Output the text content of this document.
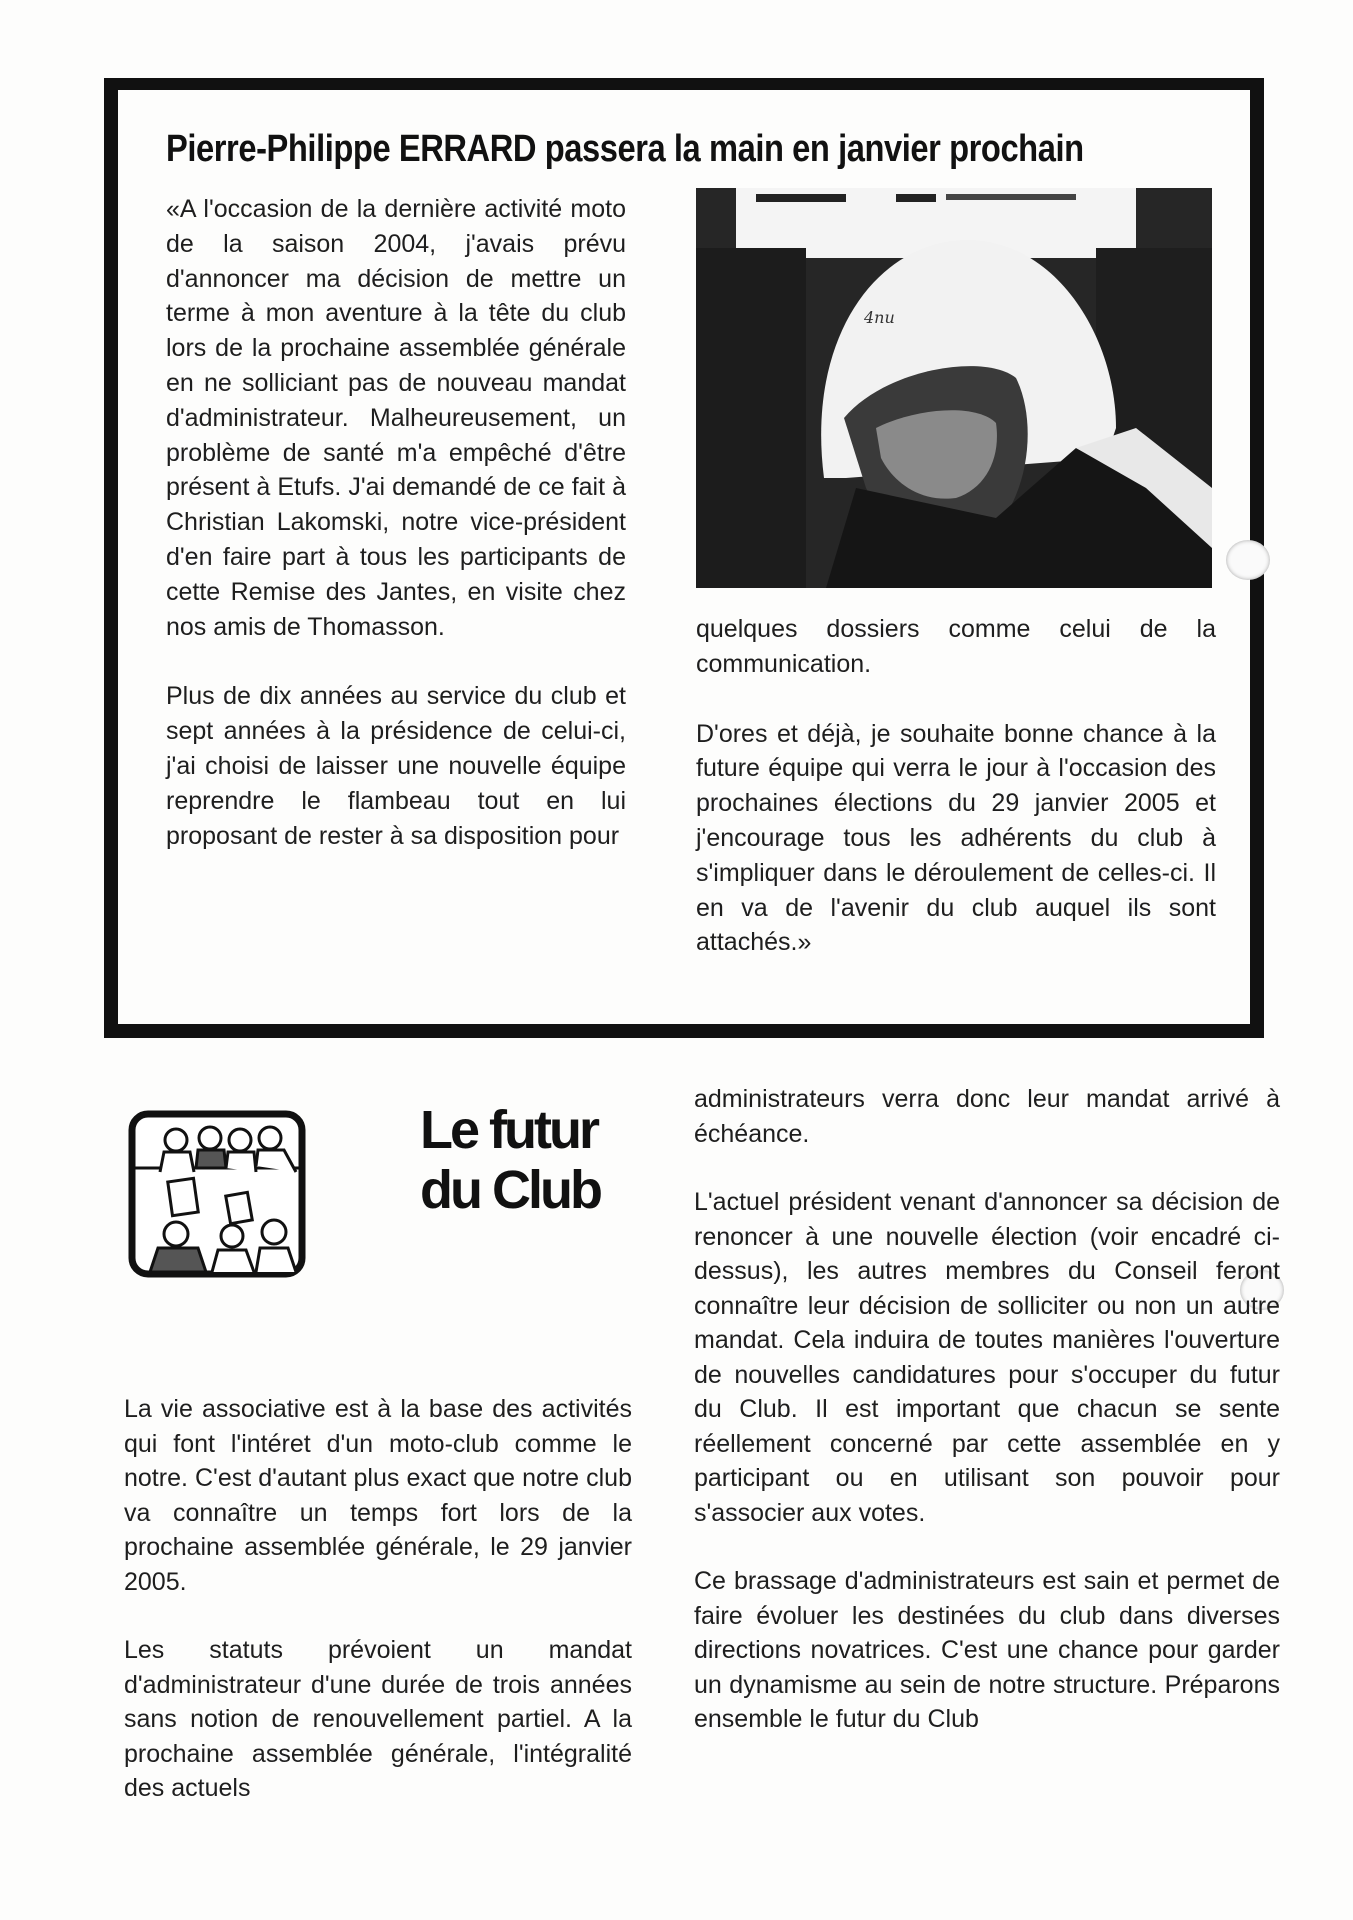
Pierre-Philippe ERRARD passera la main en janvier prochain

«A l'occasion de la dernière activité moto de la saison 2004, j'avais prévu d'annoncer ma décision de mettre un terme à mon aventure à la tête du club lors de la prochaine assemblée générale en ne solliciant pas de nouveau mandat d'administrateur. Malheureusement, un problème de santé m'a empêché d'être présent à Etufs. J'ai demandé de ce fait à Christian Lakomski, notre vice-président d'en faire part à tous les participants de cette Remise des Jantes, en visite chez nos amis de Thomasson.

Plus de dix années au service du club et sept années à la présidence de celui-ci, j'ai choisi de laisser une nouvelle équipe reprendre le flambeau tout en lui proposant de rester à sa disposition pour

4nu

quelques dossiers comme celui de la communication.

D'ores et déjà, je souhaite bonne chance à la future équipe qui verra le jour à l'occasion des prochaines élections du 29 janvier 2005 et j'encourage tous les adhérents du club à s'impliquer dans le déroulement de celles-ci. Il en va de l'avenir du club auquel ils sont attachés.»

Le futur
du Club

La vie associative est à la base des activités qui font l'intéret d'un moto-club comme le notre. C'est d'autant plus exact que notre club va connaître un temps fort lors de la prochaine assemblée générale, le 29 janvier 2005.

Les statuts prévoient un mandat d'administrateur d'une durée de trois années sans notion de renouvellement partiel. A la prochaine assemblée générale, l'intégralité des actuels

administrateurs verra donc leur mandat arrivé à échéance.

L'actuel président venant d'annoncer sa décision de renoncer à une nouvelle élection (voir encadré ci-dessus), les autres membres du Conseil feront connaître leur décision de solliciter ou non un autre mandat. Cela induira de toutes manières l'ouverture de nouvelles candidatures pour s'occuper du futur du Club. Il est important que chacun se sente réellement concerné par cette assemblée en y participant ou en utilisant son pouvoir pour s'associer aux votes.

Ce brassage d'administrateurs est sain et permet de faire évoluer les destinées du club dans diverses directions novatrices. C'est une chance pour garder un dynamisme au sein de notre structure. Préparons ensemble le futur du Club
